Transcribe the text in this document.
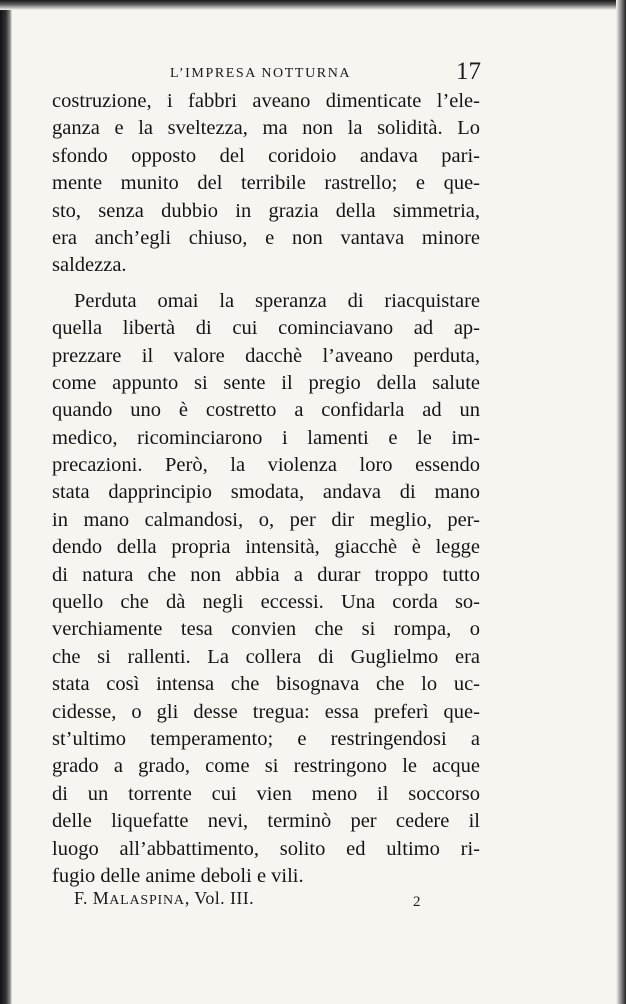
L’IMPRESA NOTTURNA	17
costruzione, i fabbri aveano dimenticate l’ele-
ganza e la sveltezza, ma non la solidità. Lo
sfondo opposto del coridoio andava pari-
mente munito del terribile rastrello; e que-
sto, senza dubbio in grazia della simmetria,
era anch’egli chiuso, e non vantava minore
saldezza.
Perduta omai la speranza di riacquistare
quella libertà di cui cominciavano ad ap-
prezzare il valore dacchè l’aveano perduta,
come appunto si sente il pregio della salute
quando uno è costretto a confidarla ad un
medico, ricominciarono i lamenti e le im-
precazioni. Però, la violenza loro essendo
stata dapprincipio smodata, andava di mano
in mano calmandosi, o, per dir meglio, per-
dendo della propria intensità, giacchè è legge
di natura che non abbia a durar troppo tutto
quello che dà negli eccessi. Una corda so-
verchiamente tesa convien che si rompa, o
che si rallenti. La collera di Guglielmo era
stata così intensa che bisognava che lo uc-
cidesse, o gli desse tregua: essa preferì que-
st’ultimo temperamento; e restringendosi a
grado a grado, come si restringono le acque
di un torrente cui vien meno il soccorso
delle liquefatte nevi, terminò per cedere il
luogo all’abbattimento, solito ed ultimo ri-
fugio delle anime deboli e vili.
F. MALASPINA, Vol. III.	2
